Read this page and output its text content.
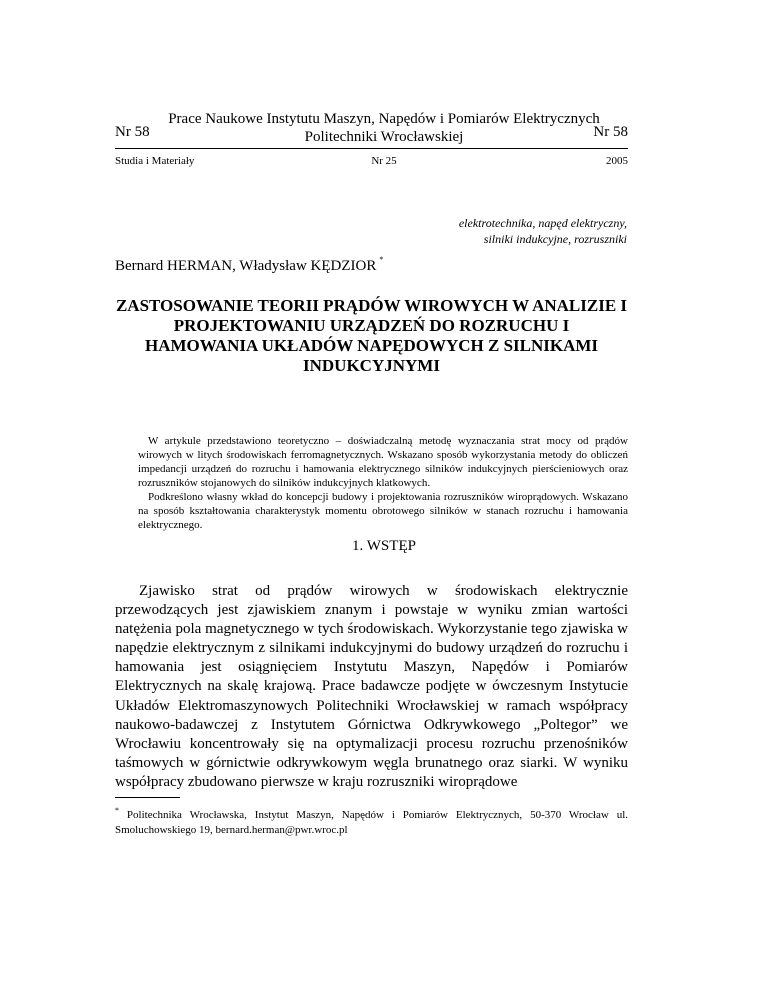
Prace Naukowe Instytutu Maszyn, Napędów i Pomiarów Elektrycznych
Politechniki Wrocławskiej
Nr 58	Nr 58
Studia i Materiały	Nr 25	2005
elektrotechnika, napęd elektryczny,
silniki indukcyjne, rozruszniki
Bernard HERMAN, Władysław KĘDZIOR *
ZASTOSOWANIE TEORII PRĄDÓW WIROWYCH W ANALIZIE I PROJEKTOWANIU URZĄDZEŃ DO ROZRUCHU I HAMOWANIA UKŁADÓW NAPĘDOWYCH Z SILNIKAMI INDUKCYJNYMI

W artykule przedstawiono teoretyczno – doświadczalną metodę wyznaczania strat mocy od prądów wirowych w litych środowiskach ferromagnetycznych. Wskazano sposób wykorzystania metody do obliczeń impedancji urządzeń do rozruchu i hamowania elektrycznego silników indukcyjnych pierścieniowych oraz rozruszników stojanowych do silników indukcyjnych klatkowych.

Podkreślono własny wkład do koncepcji budowy i projektowania rozruszników wiroprądowych. Wskazano na sposób kształtowania charakterystyk momentu obrotowego silników w stanach rozruchu i hamowania elektrycznego.

1. WSTĘP

Zjawisko strat od prądów wirowych w środowiskach elektrycznie przewodzących jest zjawiskiem znanym i powstaje w wyniku zmian wartości natężenia pola magnetycznego w tych środowiskach. Wykorzystanie tego zjawiska w napędzie elektrycznym z silnikami indukcyjnymi do budowy urządzeń do rozruchu i hamowania jest osiągnięciem Instytutu Maszyn, Napędów i Pomiarów Elektrycznych na skalę krajową. Prace badawcze podjęte w ówczesnym Instytucie Układów Elektromaszynowych Politechniki Wrocławskiej w ramach współpracy naukowo-badawczej z Instytutem Górnictwa Odkrywkowego „Poltegor” we Wrocławiu koncentrowały się na optymalizacji procesu rozruchu przenośników taśmowych w górnictwie odkrywkowym węgla brunatnego oraz siarki. W wyniku współpracy zbudowano pierwsze w kraju rozruszniki wiroprądowe

* Politechnika Wrocławska, Instytut Maszyn, Napędów i Pomiarów Elektrycznych, 50-370 Wrocław ul. Smoluchowskiego 19, bernard.herman@pwr.wroc.pl
